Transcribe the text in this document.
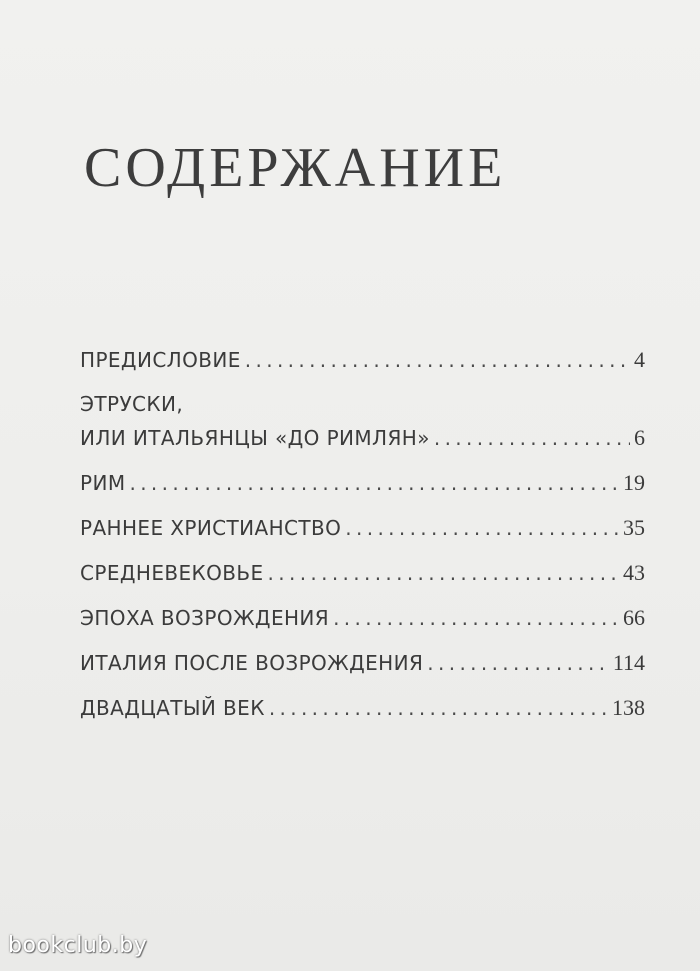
СОДЕРЖАНИЕ
ПРЕДИСЛОВИЕ . . .	4
ЭТРУСКИ,
ИЛИ ИТАЛЬЯНЦЫ «ДО РИМЛЯН» . . .	6
РИМ . . .	19
РАННЕЕ ХРИСТИАНСТВО . . .	35
СРЕДНЕВЕКОВЬЕ . . .	43
ЭПОХА ВОЗРОЖДЕНИЯ . . .	66
ИТАЛИЯ ПОСЛЕ ВОЗРОЖДЕНИЯ . . .	114
ДВАДЦАТЫЙ ВЕК . . .	138
bookclub.by
